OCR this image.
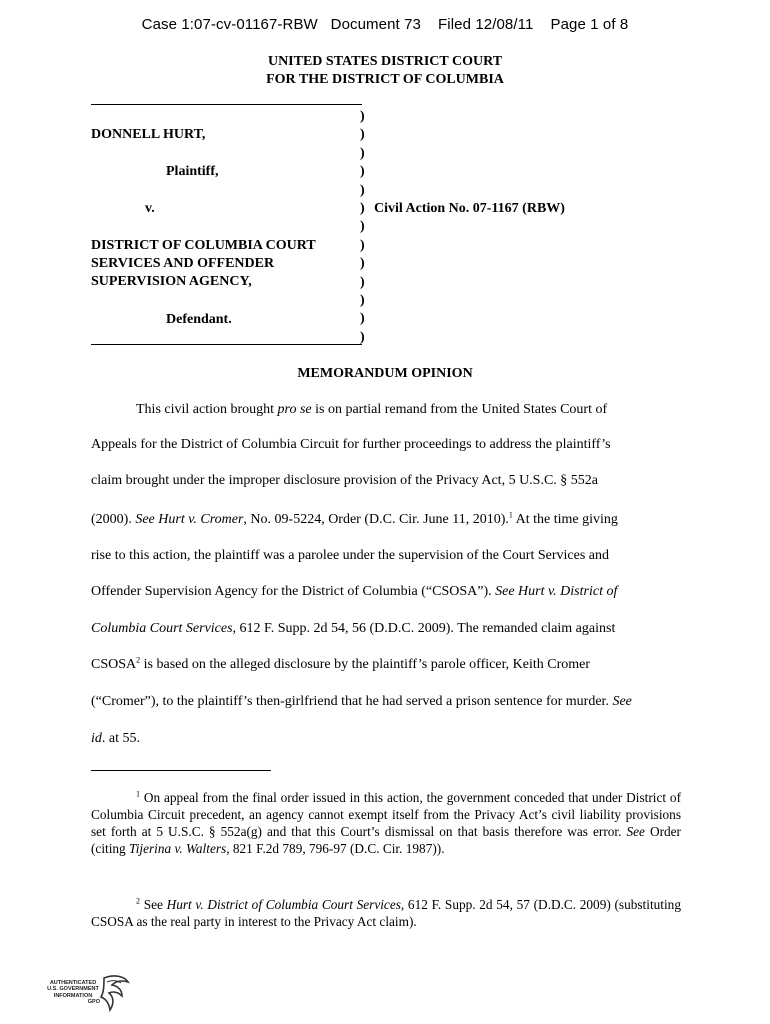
Case 1:07-cv-01167-RBW Document 73 Filed 12/08/11 Page 1 of 8
UNITED STATES DISTRICT COURT
FOR THE DISTRICT OF COLUMBIA
DONNELL HURT,
Plaintiff,
v.
DISTRICT OF COLUMBIA COURT
SERVICES AND OFFENDER
SUPERVISION AGENCY,
Defendant.
)
)
)
)
)
)
)
)
)
)
)
)
)
Civil Action No. 07-1167 (RBW)
MEMORANDUM OPINION
This civil action brought pro se is on partial remand from the United States Court of
Appeals for the District of Columbia Circuit for further proceedings to address the plaintiff’s
claim brought under the improper disclosure provision of the Privacy Act, 5 U.S.C. § 552a
(2000). See Hurt v. Cromer, No. 09-5224, Order (D.C. Cir. June 11, 2010).$^1$ At the time giving
rise to this action, the plaintiff was a parolee under the supervision of the Court Services and
Offender Supervision Agency for the District of Columbia (“CSOSA”). See Hurt v. District of
Columbia Court Services, 612 F. Supp. 2d 54, 56 (D.D.C. 2009). The remanded claim against
CSOSA$^2$ is based on the alleged disclosure by the plaintiff’s parole officer, Keith Cromer
(“Cromer”), to the plaintiff’s then-girlfriend that he had served a prison sentence for murder. See
id. at 55.
$^1$ On appeal from the final order issued in this action, the government conceded that under District of Columbia Circuit precedent, an agency cannot exempt itself from the Privacy Act’s civil liability provisions set forth at 5 U.S.C. § 552a(g) and that this Court’s dismissal on that basis therefore was error. See Order (citing Tijerina v. Walters, 821 F.2d 789, 796-97 (D.C. Cir. 1987)).
$^2$ See Hurt v. District of Columbia Court Services, 612 F. Supp. 2d 54, 57 (D.D.C. 2009) (substituting CSOSA as the real party in interest to the Privacy Act claim).
AUTHENTICATED
U.S. GOVERNMENT
INFORMATION
GPO
